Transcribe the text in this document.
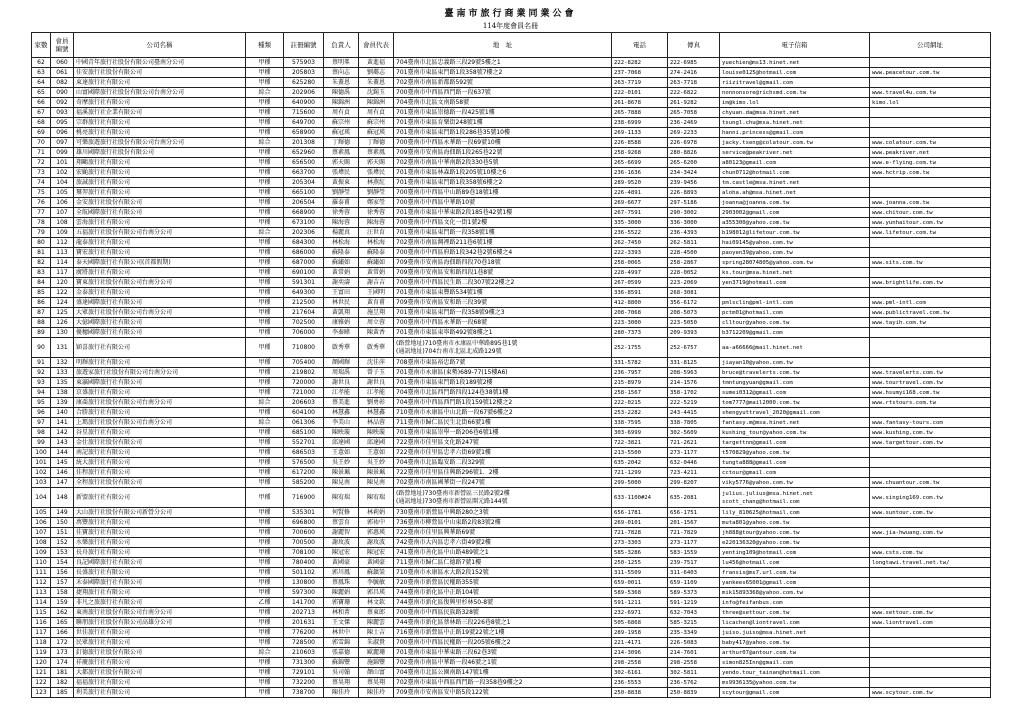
臺南市旅行商業同業公會
114年度會員名冊
家數	會員編號	公司名稱	種類	註冊編號	負責人	會員代表	地　址	電話	傳真	電子信箱	公司網址
62	060	中國青年旅行社股份有限公司臺南分公司	甲種	575903	蔡明峯	黃進福	704臺南市北區忠義路三段29號5樓之1	222-8282	222-6985	yuechien@ms13.hinet.net	
63	061	佳安旅行社股份有限公司	甲種	205803	蔡向志	劉鄰志	701臺南市東區東門路1段358號7樓之2	237-7068	274-2416	louise0125@hotmail.com	www.peacetour.com.tw
64	082	東達旅行社有限公司	甲種	625280	朱蓋恩	朱蓋恩	702臺南市南區新都路592號	263-7719	263-7718	riizitravel@gmail.com	
65	090	山富國際旅行社股份有限公司台南分公司	綜合	202906	陳德禹	沈錫玉	700臺南市中西區西門路一段637號	222-0101	222-6822	nonnonsore@richsmd.com.tw	www.travel4u.com.tw
66	092	奇摩旅行社有限公司	甲種	640900	陳錦洲	陳錦洲	704臺南市北區文南路58號	261-8678	261-9282	im@kimo.lol	kimo.lol
67	093	福溪旅行社企業有限公司	甲種	715600	周有貞	周有貞	701臺南市東區崇德路一段425號1樓	265-7888	265-7058	chyuan.da@msa.hinet.net	
68	095	宗群旅行社有限公司	甲種	649700	蘇宗州	蘇宗州	701臺南市東區育樂街248號1樓	238-6999	236-2469	tsungl.chu@msa.hinet.net	
69	096	桃亮旅行社有限公司	甲種	658900	蘇冠瑛	蘇冠瑛	701臺南市東區東門路1段286巷35號10樓	269-1133	269-2233	hanni.princess@gmail.com	
70	097	可樂旅遊旅行社股份有限公司台南分公司	綜合	201308	丁輝德	丁輝德	700臺南市中西區永華路一段69號10樓	226-8588	226-6978	jacky.tseng@colatour.com.tw	www.colatour.com.tw
71	099	雄川國際旅行社股份有限公司	甲種	652960	蔡素鳳	蔡素鳳	709臺南市安南區海佃路1段265巷22號	258-9268	280-8826	service@peakriver.net	www.peakriver.net
72	101	翔鷗旅行社有限公司	甲種	656500	郭天賜	郭天賜	702臺南市南區中華南路2段330巷5號	265-6699	265-6200	a80123@gmail.com	www.e-flying.com.tw
73	102	宏颱旅行社有限公司	甲種	663700	張瑋民	張瑋民	701臺南市東區林森路1段205號10樓之6	236-1636	234-3424	chun0712@hotmail.com	www.hctrip.com.tw
74	104	旅誠旅行社有限公司	甲種	205304	黃振東	林燕紅	701臺南市東區東門路1段358號6樓之2	289-9520	239-9456	tm.castle@msa.hinet.net	
75	105	璽羿旅行社有限公司	甲種	665100	劉靜瑩	劉靜瑩	700臺南市中西區中山路89巷18號1樓	226-4891	226-8893	aloha.ah@msa.hinet.net	
76	106	金安旅行社股份有限公司	甲種	206504	羅泰甫	鄭家瑩	700臺南市中西區中華路10號	269-6677	297-5186	joanna@joanna.com.tw	www.joanna.com.tw
77	107	全航國際旅行社有限公司	甲種	668900	徐秀蓉	徐秀蓉	701臺南市東區中華東路2段185巷42號1樓	267-7591	290-3002	2903002@gmail.com	www.chitour.com.tw
78	108	雲海旅行社有限公司	甲種	673100	陳海蓉	陳海蓉	700臺南市中西區文化一街1號2樓	335-3000	336-3000	a355300@yahoo.com.tw	www.yunhaitour.com.tw
79	109	五福旅行社股份有限公司台南分公司	綜合	202306	楊麗真	汪世育	701臺南市東區東門路一段358號1樓	236-5522	236-4393	b198012@lifetour.com.tw	www.lifetour.com.tw
80	112	龍泰旅行社有限公司	甲種	684300	林松海	林松海	702臺南市南區灣裡路211巷6號1樓	262-7450	262-5811	hai09145@yahoo.com.tw	
81	113	寶宏旅行社有限公司	甲種	686000	蘇隆泰	蘇隆泰	700臺南市中西區府路1段342巷2號6樓之4	222-3393	228-4500	paoyen39@yahoo.com.tw	
82	114	泰天國際旅行社有限公司(首都假期)	甲種	687000	蘇繡如	蘇繡如	709臺南市安南區海佃路四段70巷18號	258-0065	258-2867	spring28074805@yahoo.com.tw	www.sits.com.tw
83	117	廣將旅行社有限公司	甲種	690100	黃常娟	黃常娟	709臺南市安南區安和路四段1巷8號	228-4997	228-0052	ks.tour@msa.hinet.net	
84	120	寶東旅行社股份有限公司台南分公司	甲種	591301	謝奕濤	謝吉吉	700臺南市中西區民生路二段307號22樓之2	267-0599	223-2069	yen3719@hotmail.com	www.brightlife.com.tw
85	122	金泰旅行社有限公司	甲種	649300	王富田	王國明	701臺南市東區東豐路534號1樓	336-8591	268-3081		
86	124	盛達國際旅行社有限公司	甲種	212500	林世民	黃育甫	709臺南市安南區安和路三段39號	412-8800	356-6172	pmlsclin@pml-intl.com	www.pml-intl.com
87	125	大眾旅行社股份有限公司台南分公司	甲種	217604	黃凱翔	施昱翔	701臺南市東區東門路一段358號9樓之3	208-7068	208-5073	pctm01@hotmail.com	www.publictravel.com.tw
88	126	大億國際旅行社有限公司	甲種	702500	康雅娟	周立蓉	700臺南市中西區永華路一段68號	223-3000	223-5050	clltour@yahoo.com.tw	www.tayih.com.tw
89	130	優穗國際旅行社有限公司	甲種	706000	李秦暐	陳黃香	701臺南市東區東寧路492號8樓之1	280-7373	209-9393	b3712209@gmail.com	
90	131	穎喜旅行社有限公司	甲種	710800	啟秀華	啟秀華	(路營地址)710臺南市永康區中華路895巷1號
(通訊地址)704台南市北區北成路129號	252-1755	252-6757	aa-a66666@mail.hinet.net	
91	132	明輝旅行社有限公司	甲種	705400	顏國輝	沈佳萍	708臺南市東區裕忠路7號	331-5782	331-8125	jiayan10@yahoo.com.tw	
92	133	旅遊家旅行社股份有限公司台南分公司	甲種	219802	周瑞禹	曾子玉	701臺南市永康區(東勢)689-77(15樓A6)	236-7957	208-5963	bruce@travelerts.com.tw	www.travelerts.com.tw
93	135	東瀛國際旅行社有限公司	甲種	720000	謝世良	謝世良	701臺南市東區東門路1段189號2樓	215-8979	214-1576	tmntungyuan@gmail.com	www.tourtravel.com.tw
94	138	京盛旅行社有限公司	甲種	721000	江孝能	江孝能	704臺南市北區西門路四段124巷38號1樓	258-1567	358-1702	sumei0312@gmail.com	www.hsumyi168.com.tw
95	139	康喬旅行社股份有限公司台南分公司	綜合	206603	蔡美進	劉勇彰	704臺南市中西區西門路1段159號12樓之2	222-0215	222-5219	tom7777@mail2000.com.tw	www.rtstours.com.tw
96	140	合勝旅行社有限公司	甲種	604100	林慧鑫	林慧鑫	710臺南市永康區中山北路一段67號6樓之2	253-2282	243-4415	shengyuttravel_2020@gmail.com	
97	141	上瑪旅行社股份有限公司台南分公司	綜合	061306	李美山	林品蓉	711臺南市歸仁區民生北街66號1樓	338-7595	338-7805	fantasy.m@msa.hinet.net	www.fantasy-tours.com
98	142	谷星旅行社有限公司	甲種	685100	陳映璇	陳映璇	701臺南市東區崇學一路206巷6號1樓	303-6999	302-5609	kushing_tour@yahoo.com.tw	www.kushing.com.tw
99	143	金仕旅行社股份有限公司	甲種	552701	邱達國	邱達國	722臺南市佳里區文化路247號	722-3821	721-2621	targettnn@gmail.com	www.targettour.com.tw
100	144	南記旅行社有限公司	甲種	686503	王薏如	王薏如	722臺南市佳里區忠孝六街69號1樓	213-5500	273-1177	t570829@yahoo.com.tw	
101	145	統大旅行社有限公司	甲種	576500	吳王妙	吳王妙	704臺南市北區臨安路二段329號	635-2042	632-0446	tungta888@gmail.com	
102	146	佳程旅行社有限公司	甲種	617200	陳景珮	陳景珮	722臺南市佳里區佳興路296號1．2樓	721-1299	723-4211	cctour@gmail.com	
103	147	全程旅行社股份有限公司	甲種	585200	陳見南	陳見南	702臺南市南區國華街一段247號	299-5000	299-8207	viky5776@yahoo.com.tw	www.chuantour.com.tw
104	148	新盟旅行社有限公司	甲種	716900	陳宥瑞	陳宥瑞	(路營地址)730臺南市新營區三民路2號2樓
(通訊地址)730臺南市新營區開元路144號	633-1100#24	635-2081	julius.julius@msa.hinet.net
scott_chang@hotmail.com	www.singing169.com.tw
105	149	大山旅行社股份有限公司新營分公司	甲種	535301	何賢修	林莉娟	730臺南市新營區中興路280之3號	656-1781	656-1751	lily_810625@hotmail.com	www.suntour.com.tw
106	150	萬豐旅行社有限公司	甲種	696800	蔡雲育	郭祐中	736臺南市柳營區中山東路2段83號2樓	269-0101	201-1567	muta801@yahoo.com.tw	
107	151	佳寶旅行社有限公司	甲種	700600	謝麗智	郭惠瑛	722臺南市佳里區興華路69號	721-7828	721-7829	jh888@tour@yahoo.com.tw	www.jia-hwuang.com.tw
108	152	水樂旅行社有限公司	甲種	700500	謝玫波	謝玫波	742臺南市大內區忠孝六街49號2樓	273-3303	273-1177	e220136320@yahoo.com.tw	
109	153	長舟旅行社有限公司	甲種	708100	陳冠宏	陳冠宏	741臺南市善化區中山路489號之1	585-3286	583-1559	yenting109@hotmail.com	www.csts.com.tw
110	154	良記國際旅行社有限公司	甲種	780400	黃國豪	黃國豪	711臺南市歸仁區仁德路7號1樓	250-1255	239-7517	lu456@hotmail.com	longtawi.travel.net.tw/
111	156	長盛旅行社有限公司	甲種	501102	郭川鳳	蘇鎮榮	710臺南市永康區永大路2段152號	311-5509	311-6403	fransis@ms7.url.com.tw	
112	157	禾泰國際旅行社有限公司	甲種	130800	蔡鳳珠	李毓敏	720臺南市新營區民權路355號	659-0011	659-1109	yankees65001@gmail.com	
113	158	捷翔旅行社有限公司	甲種	597300	陳麗娟	郭昌瑛	744臺南市新化區中正路104號	589-5368	589-5373	mik15893368@yahoo.com.tw	
114	159	非凡之旅旅行社有限公司	乙種	141700	郭寶珊	林文欽	744臺南市新化區復興里杉林50-8號	591-1211	591-1219	info@feifanbus.com	
115	162	東南旅行社股份有限公司台南分公司	甲種	202713	林和菁	蔡東郎	700臺南市中西區民族路328號	232-6971	632-7043	three@settour.com.tw	www.settour.com.tw
116	165	聯朋旅行社股份有限公司高雄分公司	甲種	201631	王文傑	陳麗雲	744臺南市新化區蔡林路三段226巷8號之1	505-6868	585-3215	licachen@liontravel.com	www.liontravel.com
117	166	世佳旅行社有限公司	甲種	776200	林世中	陳士吉	716臺南市新營區中正路19號22號之1樓	289-1958	235-3349	juiso.juiso@msa.hinet.net	
118	172	民眾旅行社有限公司	甲種	728500	郭雪錦	朱淑貴	700臺南市中西區民權路一段205號6樓之2	221-4171	226-5083	baby417@yahoo.com.tw	
119	173	釘德旅行社股份有限公司	綜合	210603	張嘉德	歐麗珊	701臺南市東區中華東路三段62巷3號	214-3096	214-7601	arthur07@antour.com.tw	
120	174	祥慶旅行社有限公司	甲種	731300	蘇錦豐	施錦豐	702臺南市南區中華路一段46號之1號	298-2558	298-2558	simon825Inn@gmail.com	
121	181	大都旅行社股份有限公司	甲種	729101	吳司翰	顏山富	704臺南市北區公園南路147號1樓	302-6161	302-5811	yendo.tour_tainan@hotmail.com	
122	182	福福旅行社有限公司	甲種	732200	蔡昊翔	蔡昊翔	702臺南市東區中西區西門路一段358巷9樓之2	236-5553	236-5762	ms9936135@yahoo.com.tw	
123	185	利美旅行社有限公司	甲種	738700	陳佳玲	陳佳玲	709臺南市安南區安中路5段122號	250-8838	250-8839	scytour@gmail.com	www.scytour.com.tw
